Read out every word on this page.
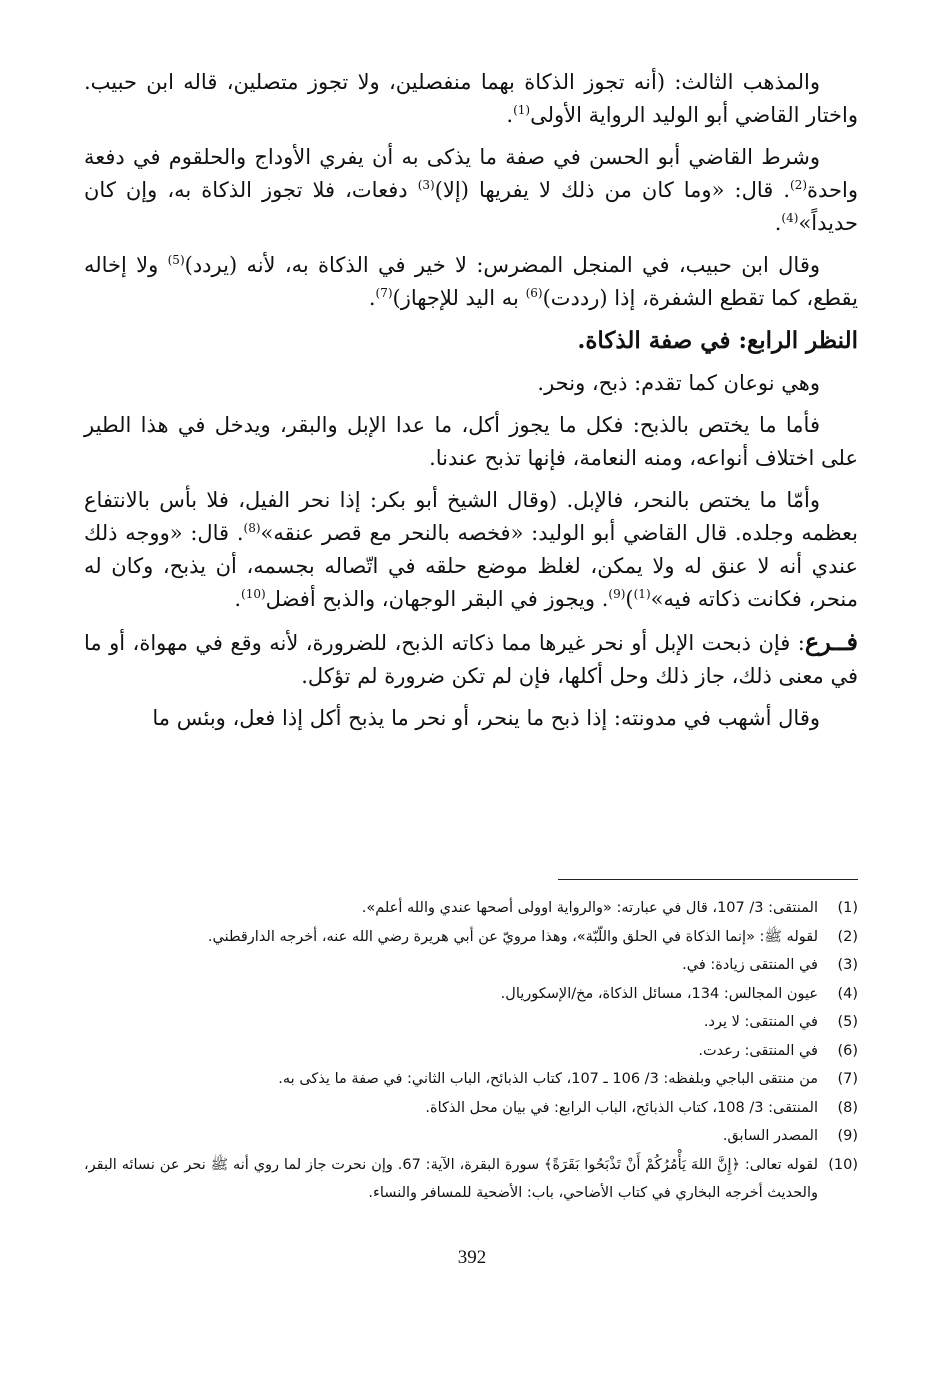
والمذهب الثالث: (أنه تجوز الذكاة بهما منفصلين، ولا تجوز متصلين، قاله ابن حبيب. واختار القاضي أبو الوليد الرواية الأولى$^{(1)}$.

وشرط القاضي أبو الحسن في صفة ما يذكى به أن يفري الأوداج والحلقوم في دفعة واحدة$^{(2)}$. قال: «وما كان من ذلك لا يفريها (إلا)$^{(3)}$ دفعات، فلا تجوز الذكاة به، وإن كان حديداً»$^{(4)}$.

وقال ابن حبيب، في المنجل المضرس: لا خير في الذكاة به، لأنه (يردد)$^{(5)}$ ولا إخاله يقطع، كما تقطع الشفرة، إذا (رددت)$^{(6)}$ به اليد للإجهاز)$^{(7)}$.

النظر الرابع: في صفة الذكاة.

وهي نوعان كما تقدم: ذبح، ونحر.

فأما ما يختص بالذبح: فكل ما يجوز أكل، ما عدا الإبل والبقر، ويدخل في هذا الطير على اختلاف أنواعه، ومنه النعامة، فإنها تذبح عندنا.

وأمّا ما يختص بالنحر، فالإبل. (وقال الشيخ أبو بكر: إذا نحر الفيل، فلا بأس بالانتفاع بعظمه وجلده. قال القاضي أبو الوليد: «فخصه بالنحر مع قصر عنقه»$^{(8)}$. قال: «ووجه ذلك عندي أنه لا عنق له ولا يمكن، لغلظ موضع حلقه في اتّصاله بجسمه، أن يذبح، وكان له منحر، فكانت ذكاته فيه»$^{(1)}$)$^{(9)}$. ويجوز في البقر الوجهان، والذبح أفضل$^{(10)}$.

فــرع: فإن ذبحت الإبل أو نحر غيرها مما ذكاته الذبح، للضرورة، لأنه وقع في مهواة، أو ما في معنى ذلك، جاز ذلك وحل أكلها، فإن لم تكن ضرورة لم تؤكل.

وقال أشهب في مدونته: إذا ذبح ما ينحر، أو نحر ما يذبح أكل إذا فعل، وبئس ما

(1)
المنتقى: 3/ 107، قال في عبارته: «والرواية اوولى أصحها عندي والله أعلم».
(2)
لقوله ﷺ: «إنما الذكاة في الحلق واللّبّة»، وهذا مرويّ عن أبي هريرة رضي الله عنه، أخرجه الدارقطني.
(3)
في المنتقى زيادة: في.
(4)
عيون المجالس: 134، مسائل الذكاة، مخ/الإسكوريال.
(5)
في المنتقى: لا يرد.
(6)
في المنتقى: رعدت.
(7)
من منتقى الباجي وبلفظه: 3/ 106 ـ 107، كتاب الذبائح، الباب الثاني: في صفة ما يذكى به.
(8)
المنتقى: 3/ 108، كتاب الذبائح، الباب الرابع: في بيان محل الذكاة.
(9)
المصدر السابق.
(10)
لقوله تعالى: ﴿إِنَّ اللهَ يَأْمُرُكُمْ أَنْ تَذْبَحُوا بَقَرَةً﴾ سورة البقرة، الآية: 67. وإن نحرت جاز لما روي أنه ﷺ نحر عن نسائه البقر، والحديث أخرجه البخاري في كتاب الأضاحي، باب: الأضحية للمسافر والنساء.
392
